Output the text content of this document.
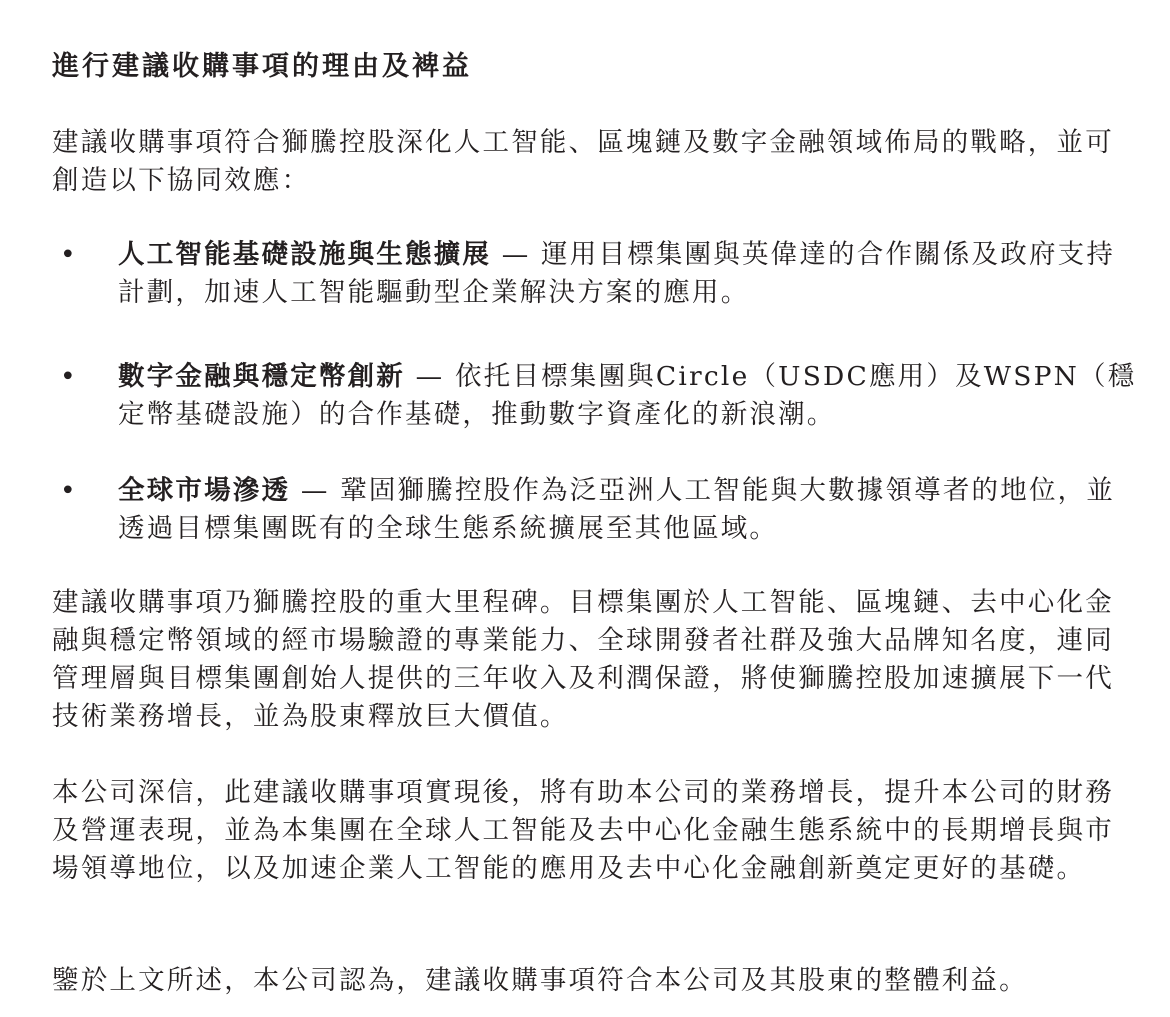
進行建議收購事項的理由及裨益

建議收購事項符合獅騰控股深化人工智能、區塊鏈及數字金融領域佈局的戰略，並可創造以下協同效應：

• 人工智能基礎設施與生態擴展 — 運用目標集團與英偉達的合作關係及政府支持計劃，加速人工智能驅動型企業解決方案的應用。
• 數字金融與穩定幣創新 — 依托目標集團與Circle（USDC應用）及WSPN（穩定幣基礎設施）的合作基礎，推動數字資產化的新浪潮。
• 全球市場滲透 — 鞏固獅騰控股作為泛亞洲人工智能與大數據領導者的地位，並透過目標集團既有的全球生態系統擴展至其他區域。

建議收購事項乃獅騰控股的重大里程碑。目標集團於人工智能、區塊鏈、去中心化金融與穩定幣領域的經市場驗證的專業能力、全球開發者社群及強大品牌知名度，連同管理層與目標集團創始人提供的三年收入及利潤保證，將使獅騰控股加速擴展下一代技術業務增長，並為股東釋放巨大價值。

本公司深信，此建議收購事項實現後，將有助本公司的業務增長，提升本公司的財務及營運表現，並為本集團在全球人工智能及去中心化金融生態系統中的長期增長與市場領導地位，以及加速企業人工智能的應用及去中心化金融創新奠定更好的基礎。

鑒於上文所述，本公司認為，建議收購事項符合本公司及其股東的整體利益。
